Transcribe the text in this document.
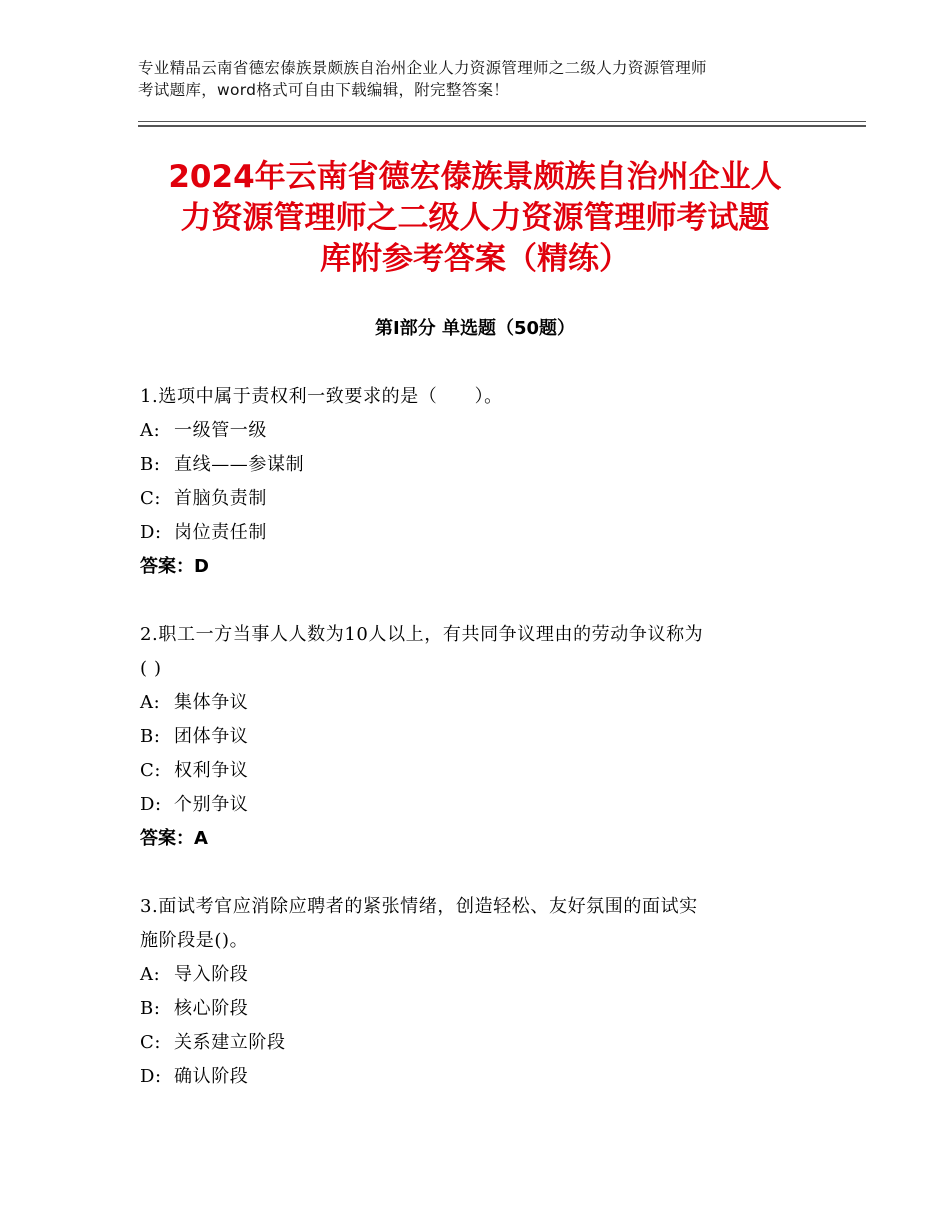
专业精品云南省德宏傣族景颇族自治州企业人力资源管理师之二级人力资源管理师
考试题库，word格式可自由下载编辑，附完整答案！
2024年云南省德宏傣族景颇族自治州企业人
力资源管理师之二级人力资源管理师考试题
库附参考答案（精练）
第Ⅰ部分 单选题（50题）
1.选项中属于责权利一致要求的是（　　）。
A: 一级管一级
B: 直线——参谋制
C: 首脑负责制
D: 岗位责任制
答案：D
2.职工一方当事人人数为10人以上，有共同争议理由的劳动争议称为
( )
A: 集体争议
B: 团体争议
C: 权利争议
D: 个别争议
答案：A
3.面试考官应消除应聘者的紧张情绪，创造轻松、友好氛围的面试实
施阶段是()。
A: 导入阶段
B: 核心阶段
C: 关系建立阶段
D: 确认阶段
